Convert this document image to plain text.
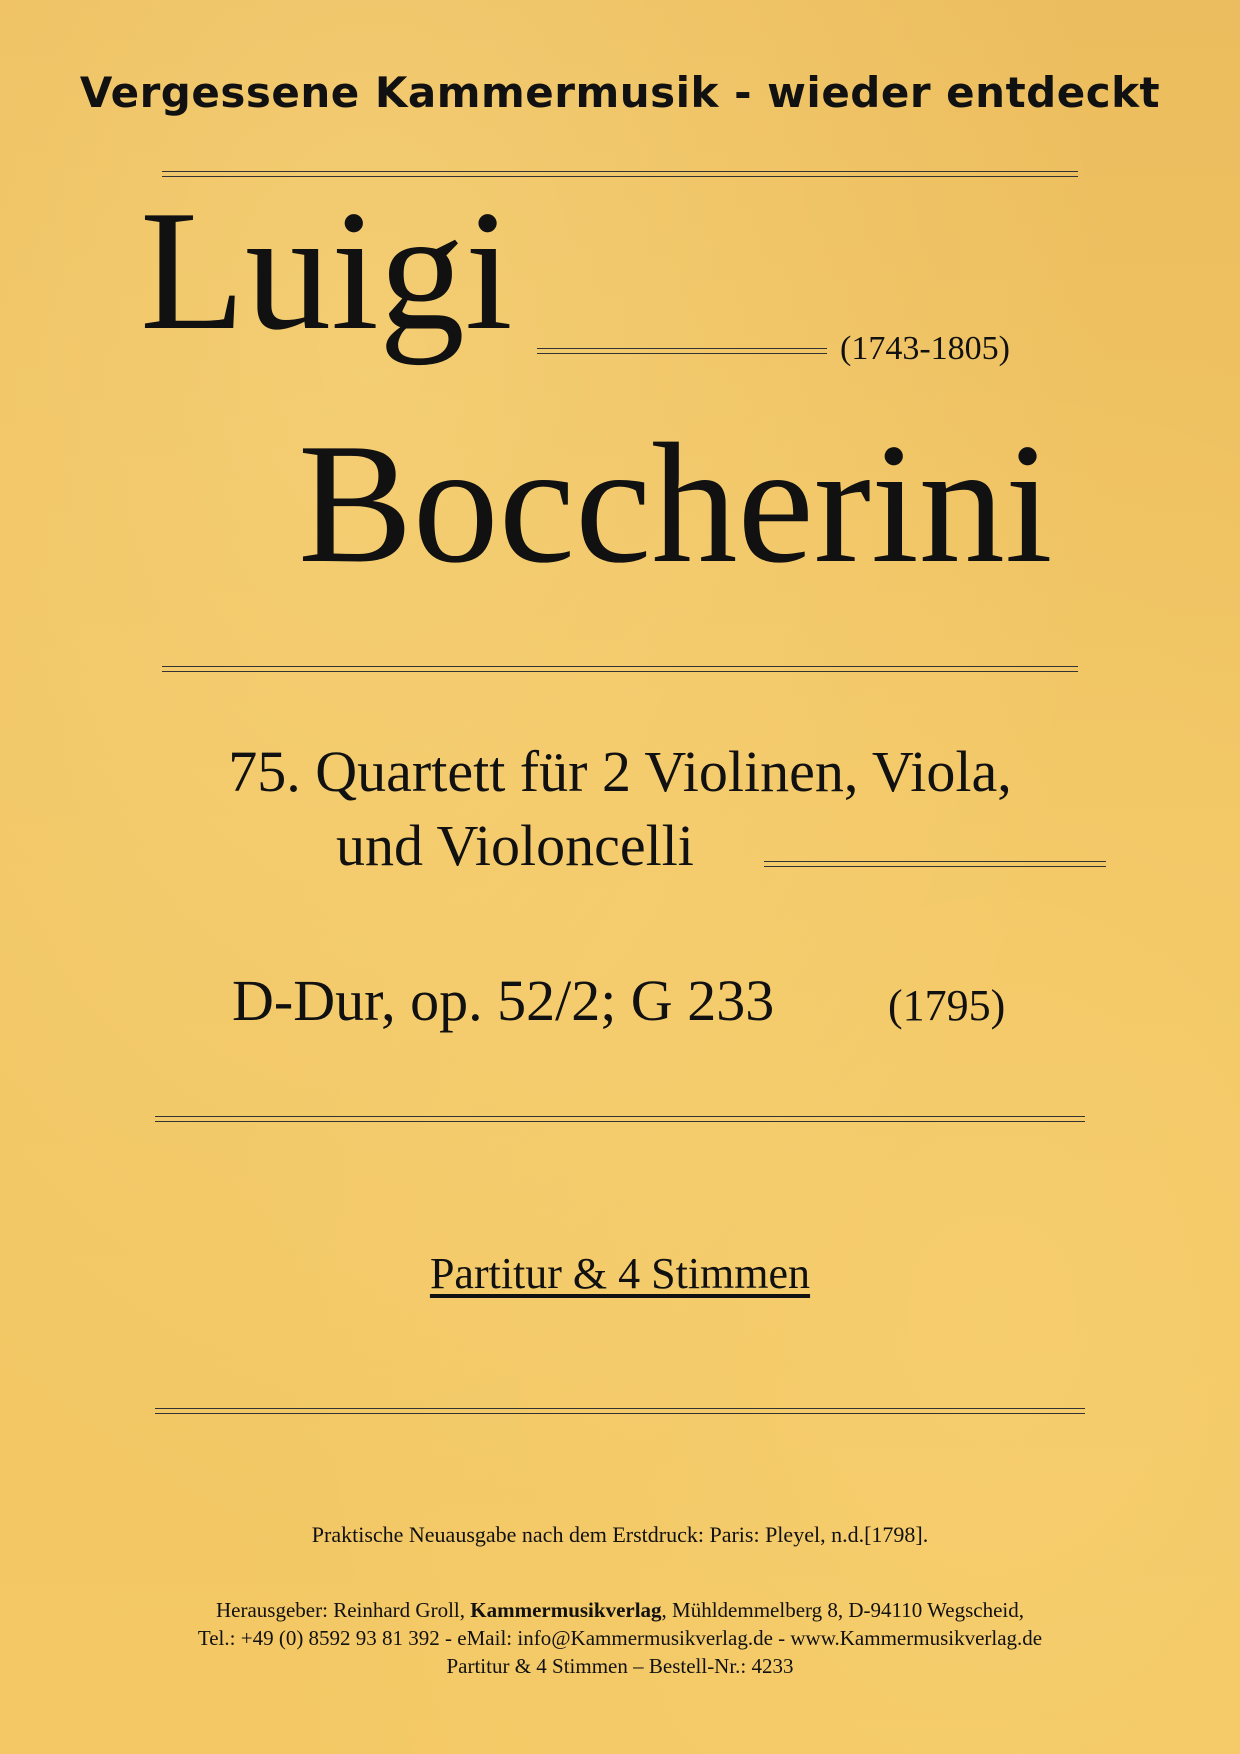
Vergessene Kammermusik - wieder entdeckt
Luigi	(1743-1805)
Boccherini
75. Quartett für 2 Violinen, Viola,
und Violoncelli
D-Dur, op. 52/2; G 233	(1795)
Partitur & 4 Stimmen
Praktische Neuausgabe nach dem Erstdruck: Paris: Pleyel, n.d.[1798].
Herausgeber: Reinhard Groll, Kammermusikverlag, Mühldemmelberg 8, D-94110 Wegscheid,
Tel.: +49 (0) 8592 93 81 392 - eMail: info@Kammermusikverlag.de - www.Kammermusikverlag.de
Partitur & 4 Stimmen – Bestell-Nr.: 4233
